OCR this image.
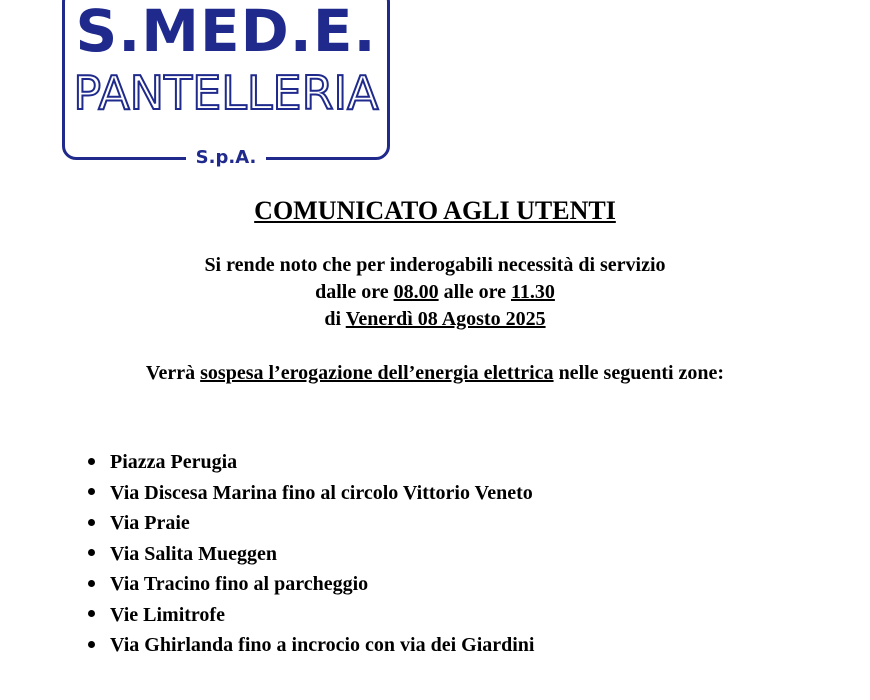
S.MED.E.
PANTELLERIA
S.p.A.
COMUNICATO AGLI UTENTI
Si rende noto che per inderogabili necessità di servizio
dalle ore 08.00 alle ore 11.30
di Venerdì 08 Agosto 2025
Verrà sospesa l’erogazione dell’energia elettrica nelle seguenti zone:
Piazza Perugia
Via Discesa Marina fino al circolo Vittorio Veneto
Via Praie
Via Salita Mueggen
Via Tracino fino al parcheggio
Vie Limitrofe
Via Ghirlanda fino a incrocio con via dei Giardini
